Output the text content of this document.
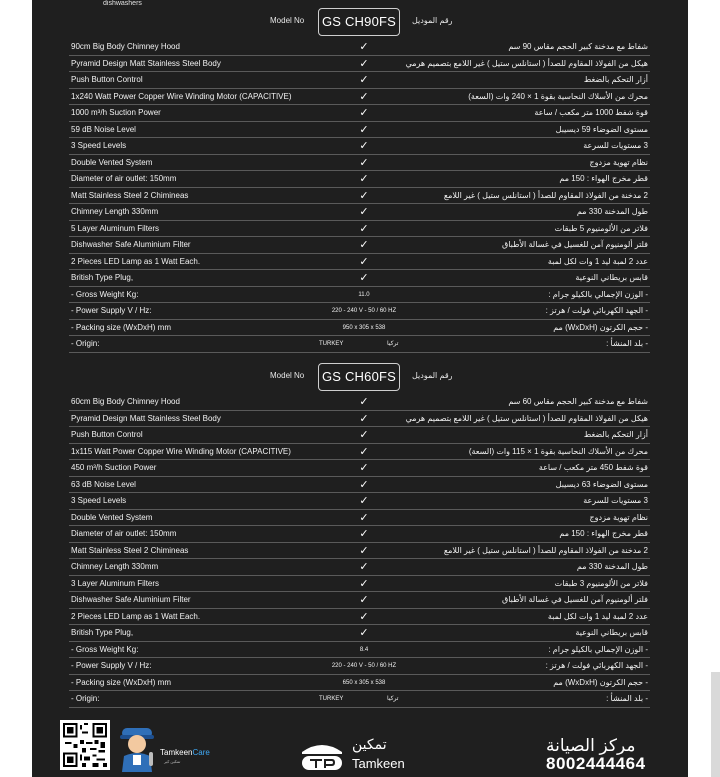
dishwashers
Model No	GS CH90FS	رقم الموديل
90cm Big Body Chimney Hood	✓	شفاط مع مدخنة كبير الحجم مقاس 90 سم
Pyramid Design Matt Stainless Steel Body	✓	هيكل من الفولاذ المقاوم للصدأ ( استانلس ستيل ) غير اللامع بتصميم هرمي
Push Button Control	✓	أزار التحكم بالضغط
1x240 Watt Power Copper Wire Winding Motor (CAPACITIVE)	✓	محرك من الأسلاك النحاسية بقوة 1 × 240 وات (السعة)
1000 m³/h Suction Power	✓	قوة شفط 1000 متر مكعب / ساعة
59 dB Noise Level	✓	مستوى الضوضاء 59 ديسيبل
3 Speed Levels	✓	3 مستويات للسرعة
Double Vented System	✓	نظام تهوية مزدوج
Diameter of air outlet: 150mm	✓	قطر مخرج الهواء : 150 مم
Matt Stainless Steel 2 Chimineas	✓	2 مدخنة من الفولاذ المقاوم للصدأ ( استانلس ستيل ) غير اللامع
Chimney Length 330mm	✓	طول المدخنة 330 مم
5 Layer Aluminum Filters	✓	فلاتر من الألومنيوم 5 طبقات
Dishwasher Safe Aluminium Filter	✓	فلتر ألومنيوم آمن للغسيل في غسالة الأطباق
2 Pieces LED Lamp as 1 Watt Each.	✓	عدد 2 لمبة ليد 1 وات لكل لمبة
British Type Plug,	✓	قابس بريطاني النوعية
- Gross Weight Kg:	11.0	- الوزن الإجمالي بالكيلو جرام :
- Power Supply V / Hz:	220 - 240 V - 50 / 60 HZ	- الجهد الكهربائي فولت / هرتز :
- Packing size (WxDxH) mm	950 x 305 x 538	- حجم الكرتون (WxDxH) مم
- Origin:	TURKEY	تركيا	- بلد المنشأ :
Model No	GS CH60FS	رقم الموديل
60cm Big Body Chimney Hood	✓	شفاط مع مدخنة كبير الحجم مقاس 60 سم
Pyramid Design Matt Stainless Steel Body	✓	هيكل من الفولاذ المقاوم للصدأ ( استانلس ستيل ) غير اللامع بتصميم هرمي
Push Button Control	✓	أزار التحكم بالضغط
1x115 Watt Power Copper Wire Winding Motor (CAPACITIVE)	✓	محرك من الأسلاك النحاسية بقوة 1 × 115 وات (السعة)
450 m³/h Suction Power	✓	قوة شفط 450 متر مكعب / ساعة
63 dB Noise Level	✓	مستوى الضوضاء 63 ديسيبل
3 Speed Levels	✓	3 مستويات للسرعة
Double Vented System	✓	نظام تهوية مزدوج
Diameter of air outlet: 150mm	✓	قطر مخرج الهواء : 150 مم
Matt Stainless Steel 2 Chimineas	✓	2 مدخنة من الفولاذ المقاوم للصدأ ( استانلس ستيل ) غير اللامع
Chimney Length 330mm	✓	طول المدخنة 330 مم
3 Layer Aluminum Filters	✓	فلاتر من الألومنيوم 3 طبقات
Dishwasher Safe Aluminium Filter	✓	فلتر ألومنيوم آمن للغسيل في غسالة الأطباق
2 Pieces LED Lamp as 1 Watt Each.	✓	عدد 2 لمبة ليد 1 وات لكل لمبة
British Type Plug,	✓	قابس بريطاني النوعية
- Gross Weight Kg:	8.4	- الوزن الإجمالي بالكيلو جرام :
- Power Supply V / Hz:	220 - 240 V - 50 / 60 HZ	- الجهد الكهربائي فولت / هرتز :
- Packing size (WxDxH) mm	650 x 305 x 538	- حجم الكرتون (WxDxH) مم
- Origin:	TURKEY	تركيا	- بلد المنشأ :
TamkeenCare
تمكين كير
تمكين
Tamkeen
مركز الصيانة
8002444464
